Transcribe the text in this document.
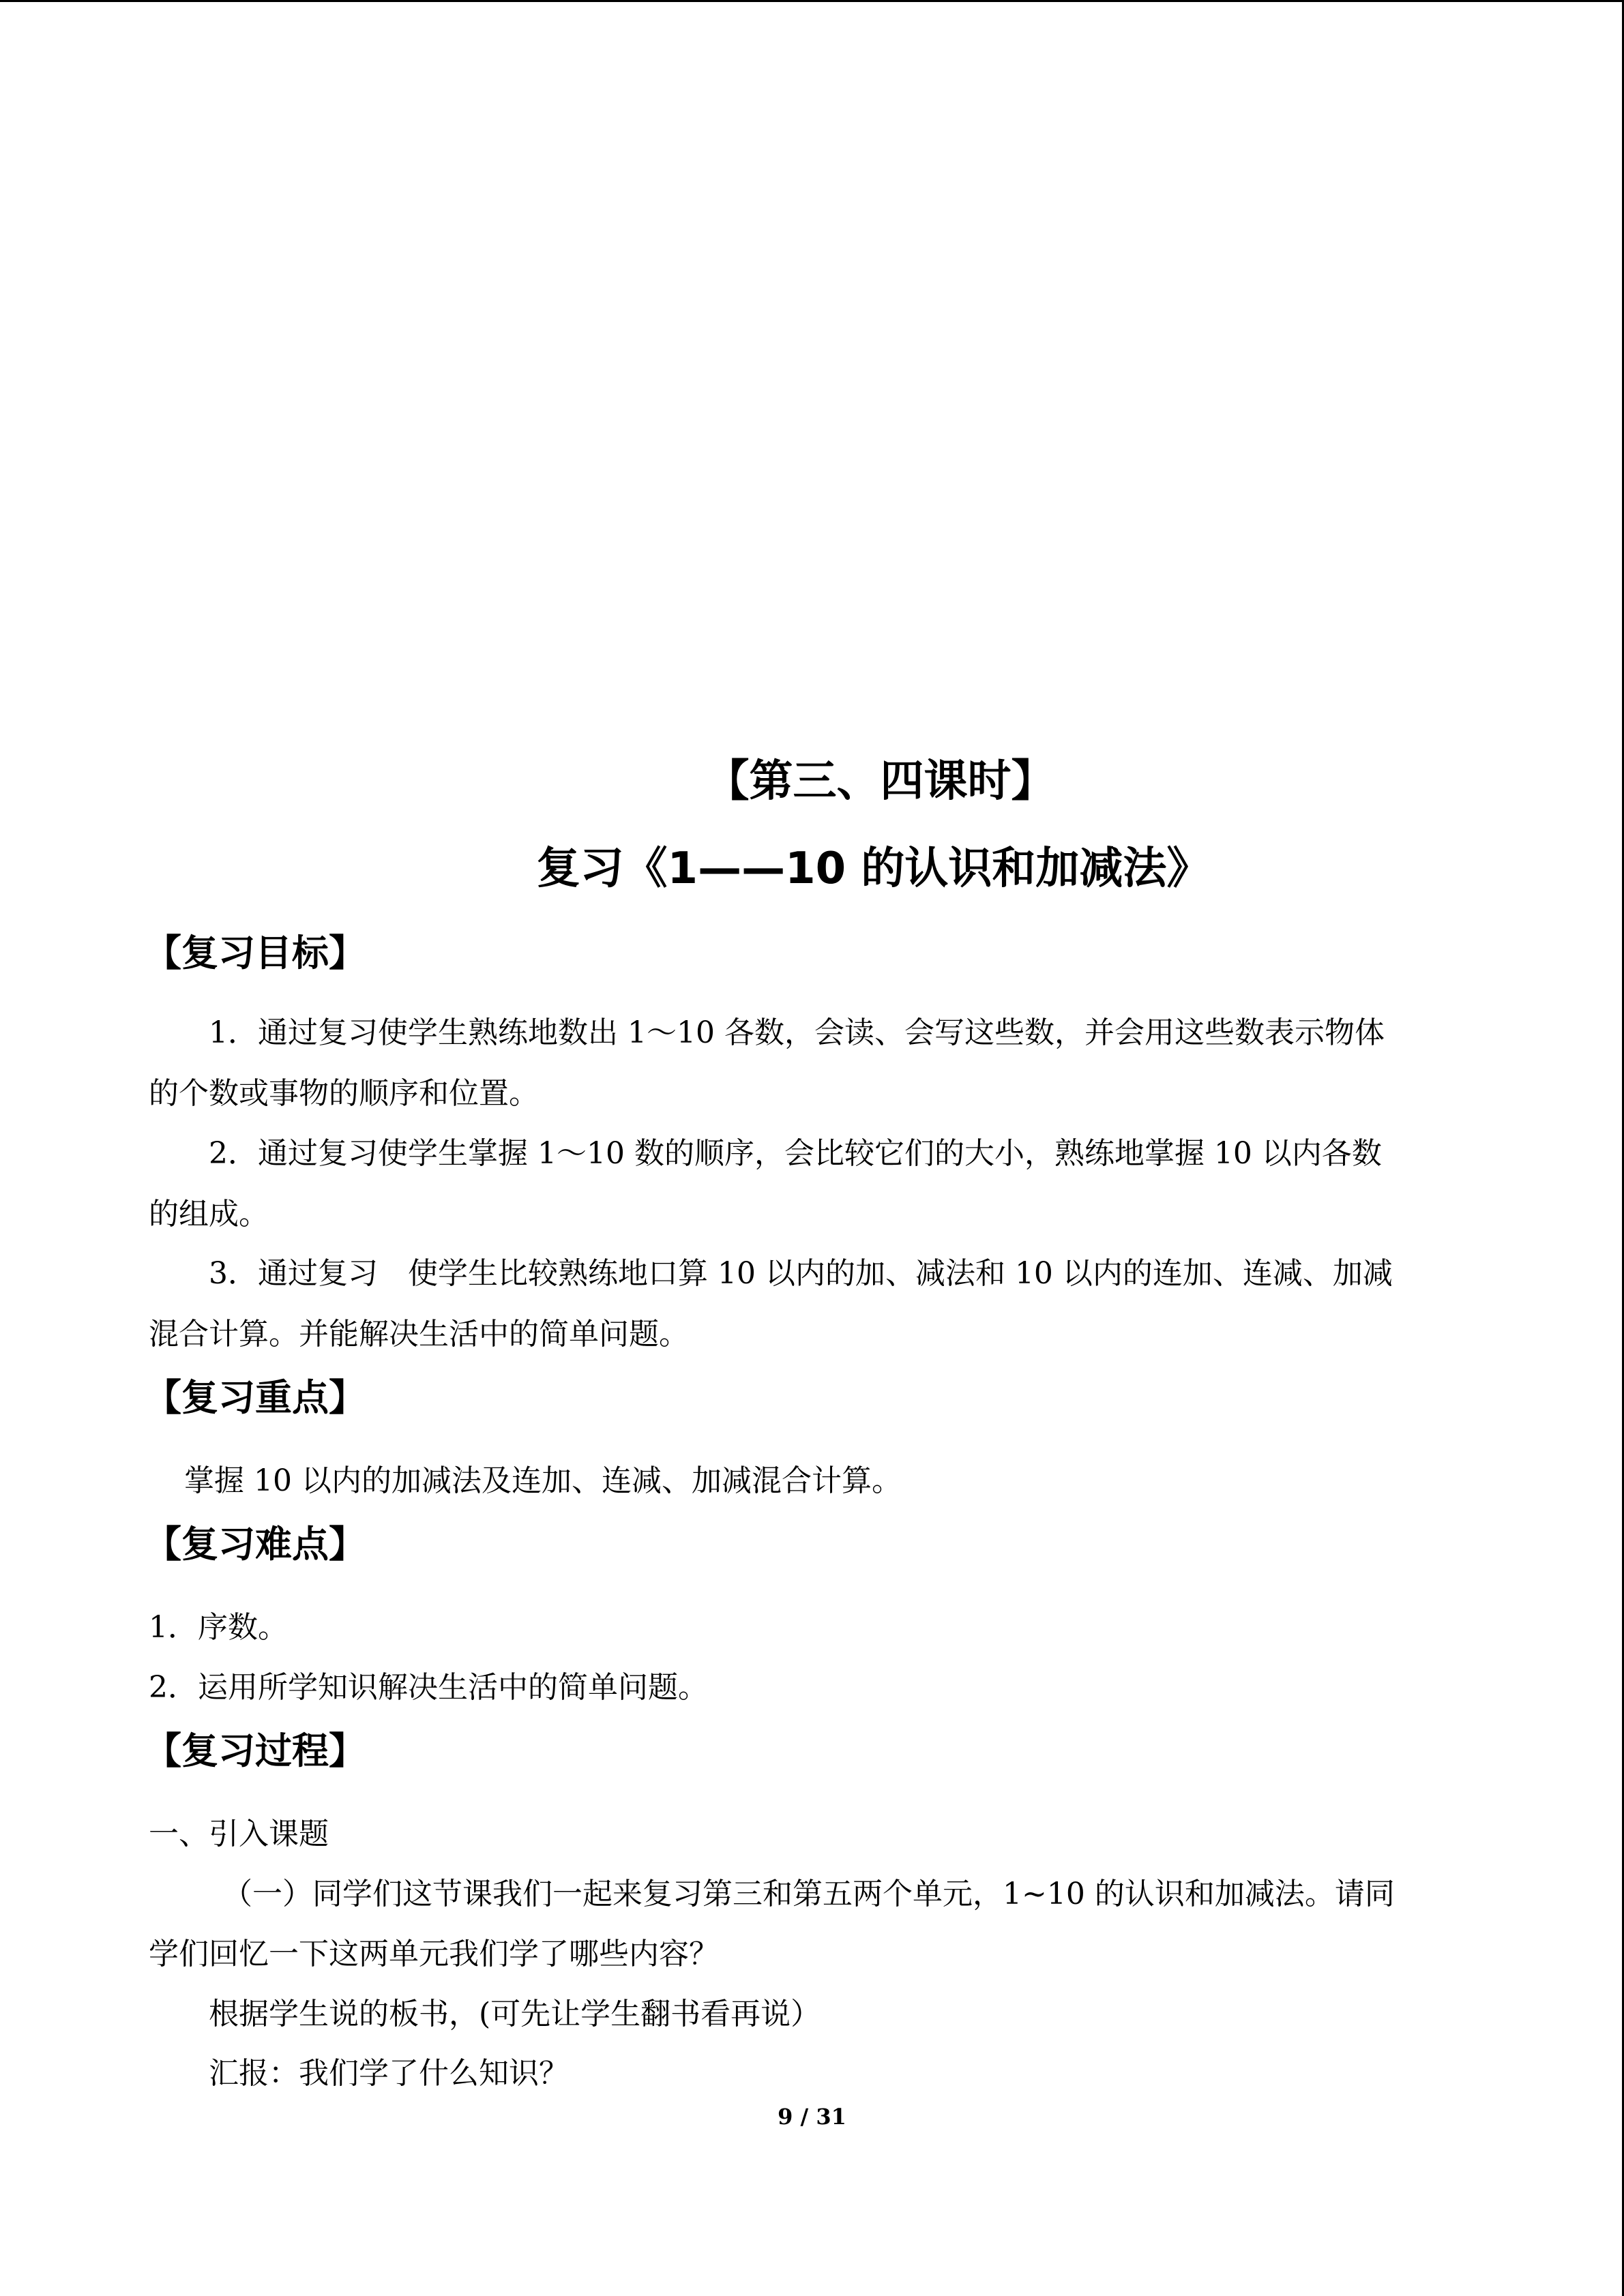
【第三、四课时】
复习《1——10 的认识和加减法》
【复习目标】
1．通过复习使学生熟练地数出 1～10 各数，会读、会写这些数，并会用这些数表示物体
的个数或事物的顺序和位置。
2．通过复习使学生掌握 1～10 数的顺序，会比较它们的大小，熟练地掌握 10 以内各数
的组成。
3．通过复习　使学生比较熟练地口算 10 以内的加、减法和 10 以内的连加、连减、加减
混合计算。并能解决生活中的简单问题。
【复习重点】
掌握 10 以内的加减法及连加、连减、加减混合计算。
【复习难点】
1．序数。
2．运用所学知识解决生活中的简单问题。
【复习过程】
一、引入课题
（一）同学们这节课我们一起来复习第三和第五两个单元，1~10 的认识和加减法。请同
学们回忆一下这两单元我们学了哪些内容？
根据学生说的板书，(可先让学生翻书看再说）
汇报：我们学了什么知识？
9 / 31
